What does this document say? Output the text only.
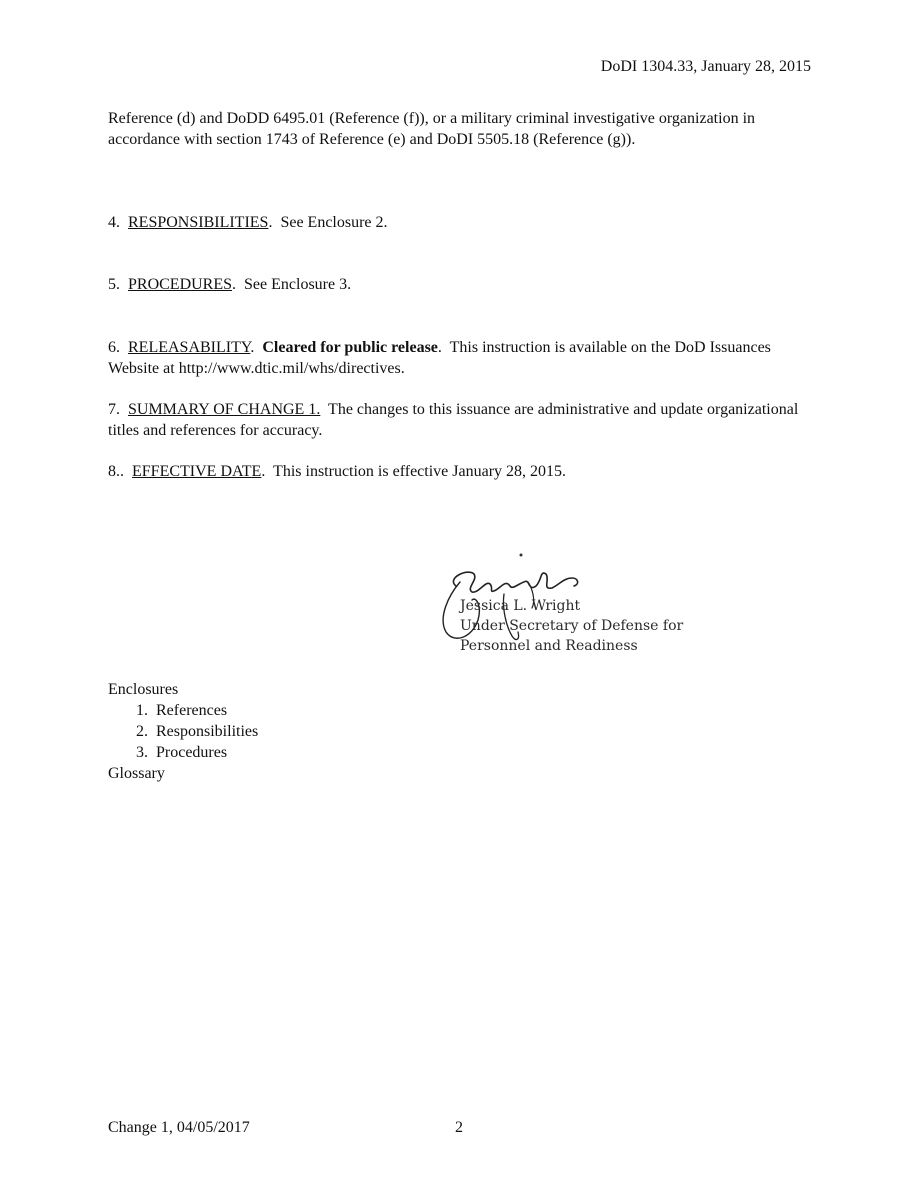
DoDI 1304.33, January 28, 2015
Reference (d) and DoDD 6495.01 (Reference (f)), or a military criminal investigative organization in accordance with section 1743 of Reference (e) and DoDI 5505.18 (Reference (g)).
4. RESPONSIBILITIES.  See Enclosure 2.
5. PROCEDURES.  See Enclosure 3.
6. RELEASABILITY.  Cleared for public release.  This instruction is available on the DoD Issuances Website at http://www.dtic.mil/whs/directives.
7. SUMMARY OF CHANGE 1. The changes to this issuance are administrative and update organizational titles and references for accuracy.
8.. EFFECTIVE DATE.  This instruction is effective January 28, 2015.
Jessica L. Wright
Under Secretary of Defense for
Personnel and Readiness
Enclosures
1. References
2. Responsibilities
3. Procedures
Glossary
Change 1, 04/05/2017	2
